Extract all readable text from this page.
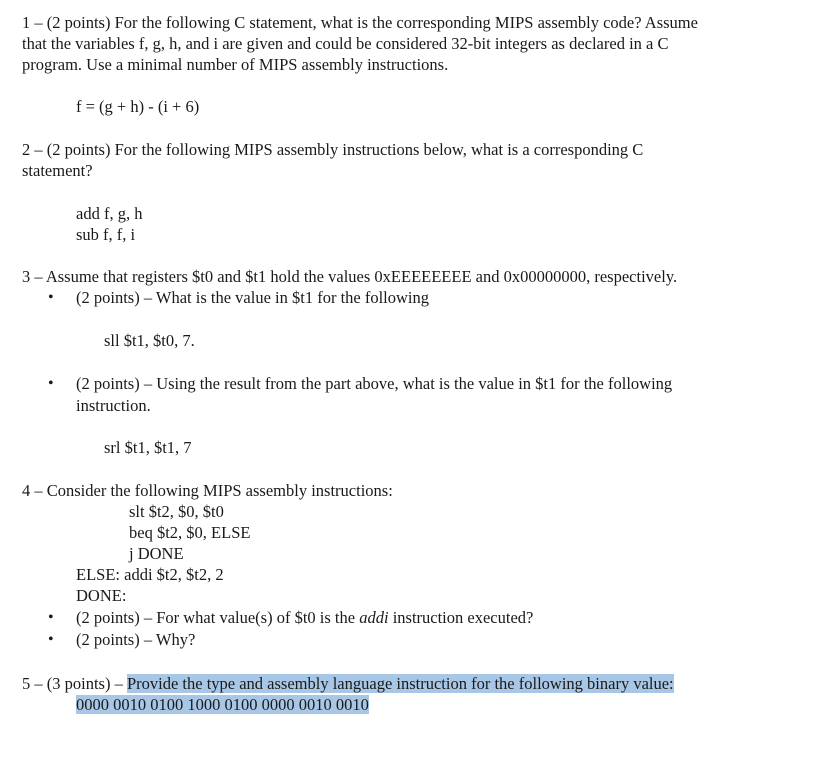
1 – (2 points) For the following C statement, what is the corresponding MIPS assembly code? Assume
that the variables f, g, h, and i are given and could be considered 32-bit integers as declared in a C
program. Use a minimal number of MIPS assembly instructions.
f = (g + h) - (i + 6)
2 – (2 points) For the following MIPS assembly instructions below, what is a corresponding C
statement?
add f, g, h
sub f, f, i
3 – Assume that registers $t0 and $t1 hold the values 0xEEEEEEEE and 0x00000000, respectively.
• (2 points) – What is the value in $t1 for the following
sll $t1, $t0, 7.
• (2 points) – Using the result from the part above, what is the value in $t1 for the following
instruction.
srl $t1, $t1, 7
4 – Consider the following MIPS assembly instructions:
slt $t2, $0, $t0
beq $t2, $0, ELSE
j DONE
ELSE: addi $t2, $t2, 2
DONE:
• (2 points) – For what value(s) of $t0 is the addi instruction executed?
• (2 points) – Why?
5 – (3 points) – Provide the type and assembly language instruction for the following binary value:
0000 0010 0100 1000 0100 0000 0010 0010
